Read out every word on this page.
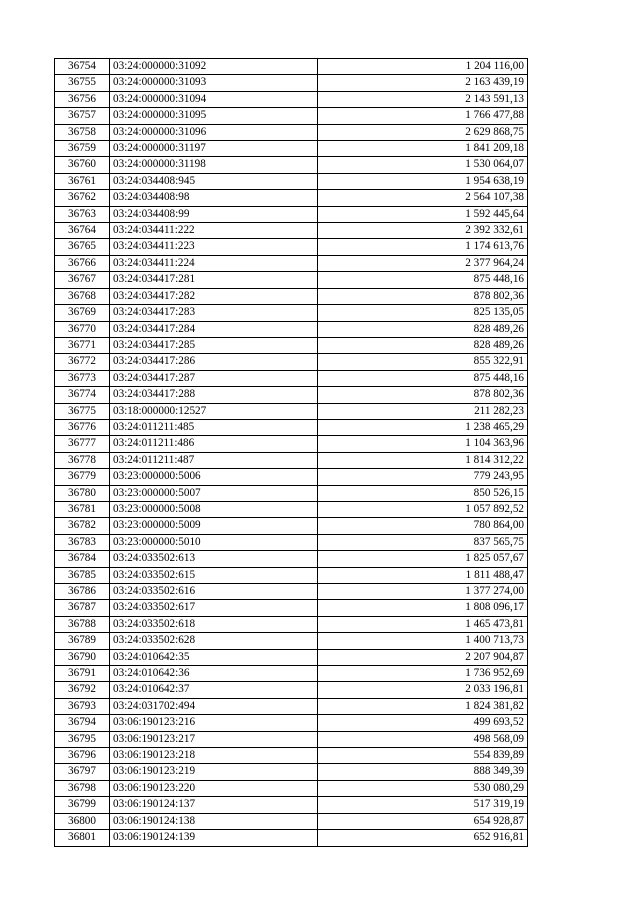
36754	03:24:000000:31092	1 204 116,00
36755	03:24:000000:31093	2 163 439,19
36756	03:24:000000:31094	2 143 591,13
36757	03:24:000000:31095	1 766 477,88
36758	03:24:000000:31096	2 629 868,75
36759	03:24:000000:31197	1 841 209,18
36760	03:24:000000:31198	1 530 064,07
36761	03:24:034408:945	1 954 638,19
36762	03:24:034408:98	2 564 107,38
36763	03:24:034408:99	1 592 445,64
36764	03:24:034411:222	2 392 332,61
36765	03:24:034411:223	1 174 613,76
36766	03:24:034411:224	2 377 964,24
36767	03:24:034417:281	875 448,16
36768	03:24:034417:282	878 802,36
36769	03:24:034417:283	825 135,05
36770	03:24:034417:284	828 489,26
36771	03:24:034417:285	828 489,26
36772	03:24:034417:286	855 322,91
36773	03:24:034417:287	875 448,16
36774	03:24:034417:288	878 802,36
36775	03:18:000000:12527	211 282,23
36776	03:24:011211:485	1 238 465,29
36777	03:24:011211:486	1 104 363,96
36778	03:24:011211:487	1 814 312,22
36779	03:23:000000:5006	779 243,95
36780	03:23:000000:5007	850 526,15
36781	03:23:000000:5008	1 057 892,52
36782	03:23:000000:5009	780 864,00
36783	03:23:000000:5010	837 565,75
36784	03:24:033502:613	1 825 057,67
36785	03:24:033502:615	1 811 488,47
36786	03:24:033502:616	1 377 274,00
36787	03:24:033502:617	1 808 096,17
36788	03:24:033502:618	1 465 473,81
36789	03:24:033502:628	1 400 713,73
36790	03:24:010642:35	2 207 904,87
36791	03:24:010642:36	1 736 952,69
36792	03:24:010642:37	2 033 196,81
36793	03:24:031702:494	1 824 381,82
36794	03:06:190123:216	499 693,52
36795	03:06:190123:217	498 568,09
36796	03:06:190123:218	554 839,89
36797	03:06:190123:219	888 349,39
36798	03:06:190123:220	530 080,29
36799	03:06:190124:137	517 319,19
36800	03:06:190124:138	654 928,87
36801	03:06:190124:139	652 916,81
